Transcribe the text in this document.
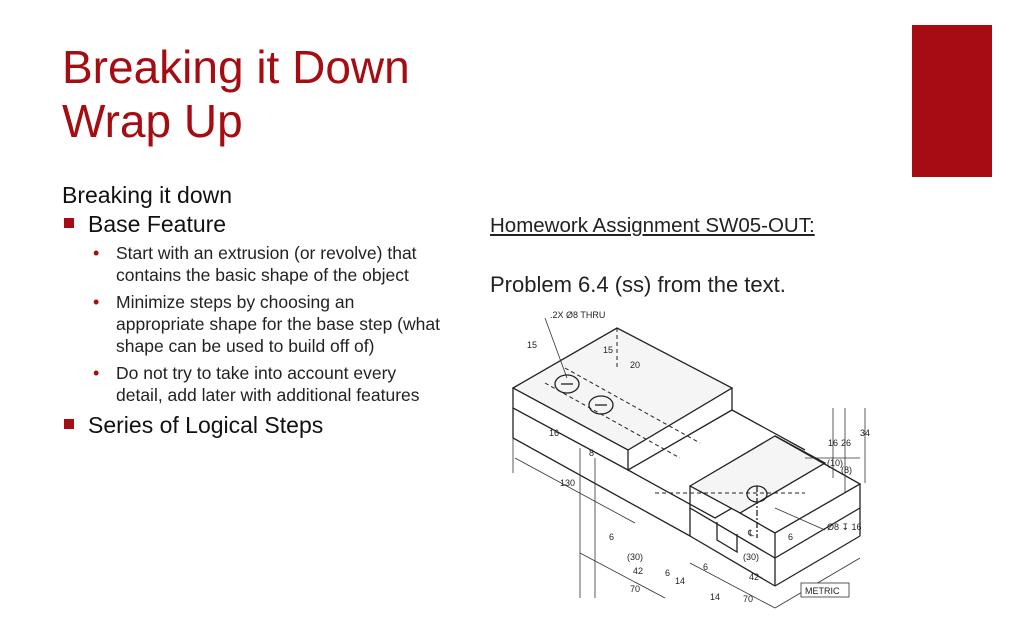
Breaking it Down
Wrap Up
Breaking it down
Base Feature
• Start with an extrusion (or revolve) that contains the basic shape of the object
• Minimize steps by choosing an appropriate shape for the base step (what shape can be used to build off of)
• Do not try to take into account every detail, add later with additional features
Series of Logical Steps
Homework Assignment SW05-OUT:
Problem 6.4 (ss) from the text.
.2X Ø8 THRU
15	15
20
16
8
130
16 26
34
(10)
(8)
℄
Ø8 ↧ 16
6
(30)
42 6
14
70
6
(30)
6
42
14	70
METRIC
